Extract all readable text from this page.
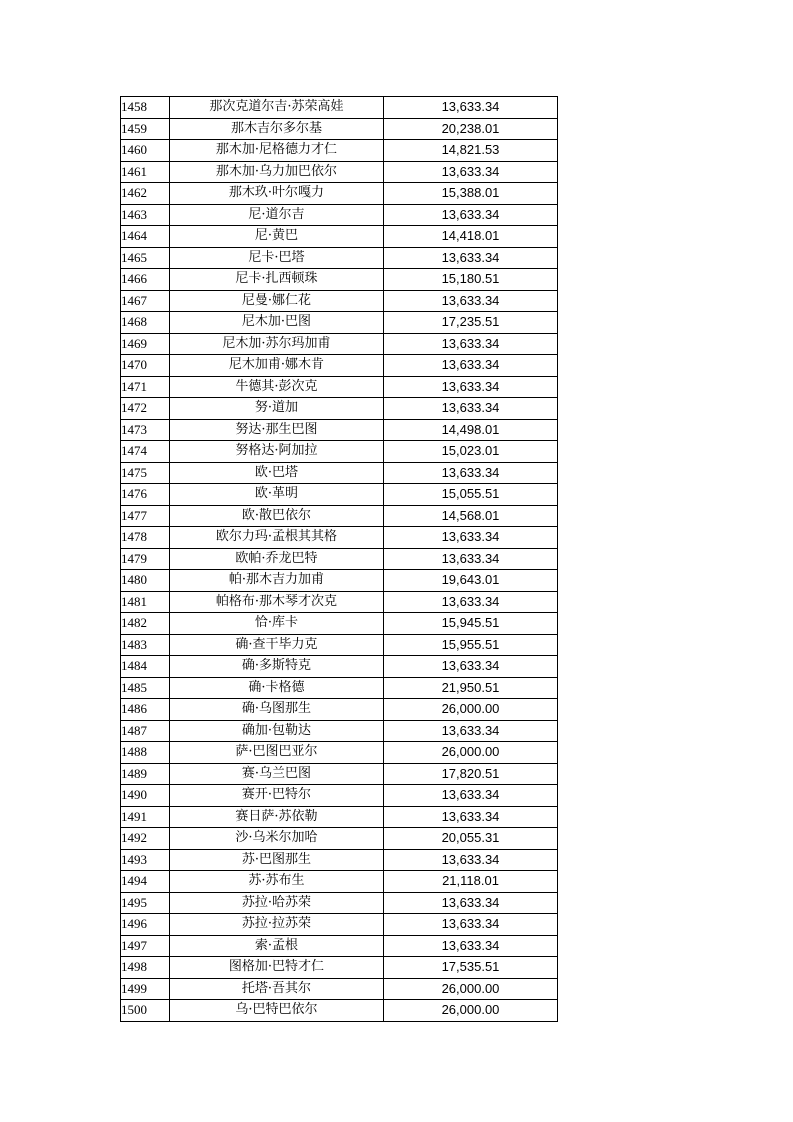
1458	那次克道尔吉·苏荣高娃	13,633.34
1459	那木吉尔多尔基	20,238.01
1460	那木加·尼格德力才仁	14,821.53
1461	那木加·乌力加巴依尔	13,633.34
1462	那木玖·叶尔嘎力	15,388.01
1463	尼·道尔吉	13,633.34
1464	尼·黄巴	14,418.01
1465	尼卡·巴塔	13,633.34
1466	尼卡·扎西顿珠	15,180.51
1467	尼曼·娜仁花	13,633.34
1468	尼木加·巴图	17,235.51
1469	尼木加·苏尔玛加甫	13,633.34
1470	尼木加甫·娜木肯	13,633.34
1471	牛德其·彭次克	13,633.34
1472	努·道加	13,633.34
1473	努达·那生巴图	14,498.01
1474	努格达·阿加拉	15,023.01
1475	欧·巴塔	13,633.34
1476	欧·革明	15,055.51
1477	欧·散巴依尔	14,568.01
1478	欧尔力玛·孟根其其格	13,633.34
1479	欧帕·乔龙巴特	13,633.34
1480	帕·那木吉力加甫	19,643.01
1481	帕格布·那木琴才次克	13,633.34
1482	恰·库卡	15,945.51
1483	确·查干毕力克	15,955.51
1484	确·多斯特克	13,633.34
1485	确·卡格德	21,950.51
1486	确·乌图那生	26,000.00
1487	确加·包勒达	13,633.34
1488	萨·巴图巴亚尔	26,000.00
1489	赛·乌兰巴图	17,820.51
1490	赛开·巴特尔	13,633.34
1491	赛日萨·苏依勒	13,633.34
1492	沙·乌米尔加哈	20,055.31
1493	苏·巴图那生	13,633.34
1494	苏·苏布生	21,118.01
1495	苏拉·哈苏荣	13,633.34
1496	苏拉·拉苏荣	13,633.34
1497	索·孟根	13,633.34
1498	图格加·巴特才仁	17,535.51
1499	托塔·吾其尔	26,000.00
1500	乌·巴特巴依尔	26,000.00
